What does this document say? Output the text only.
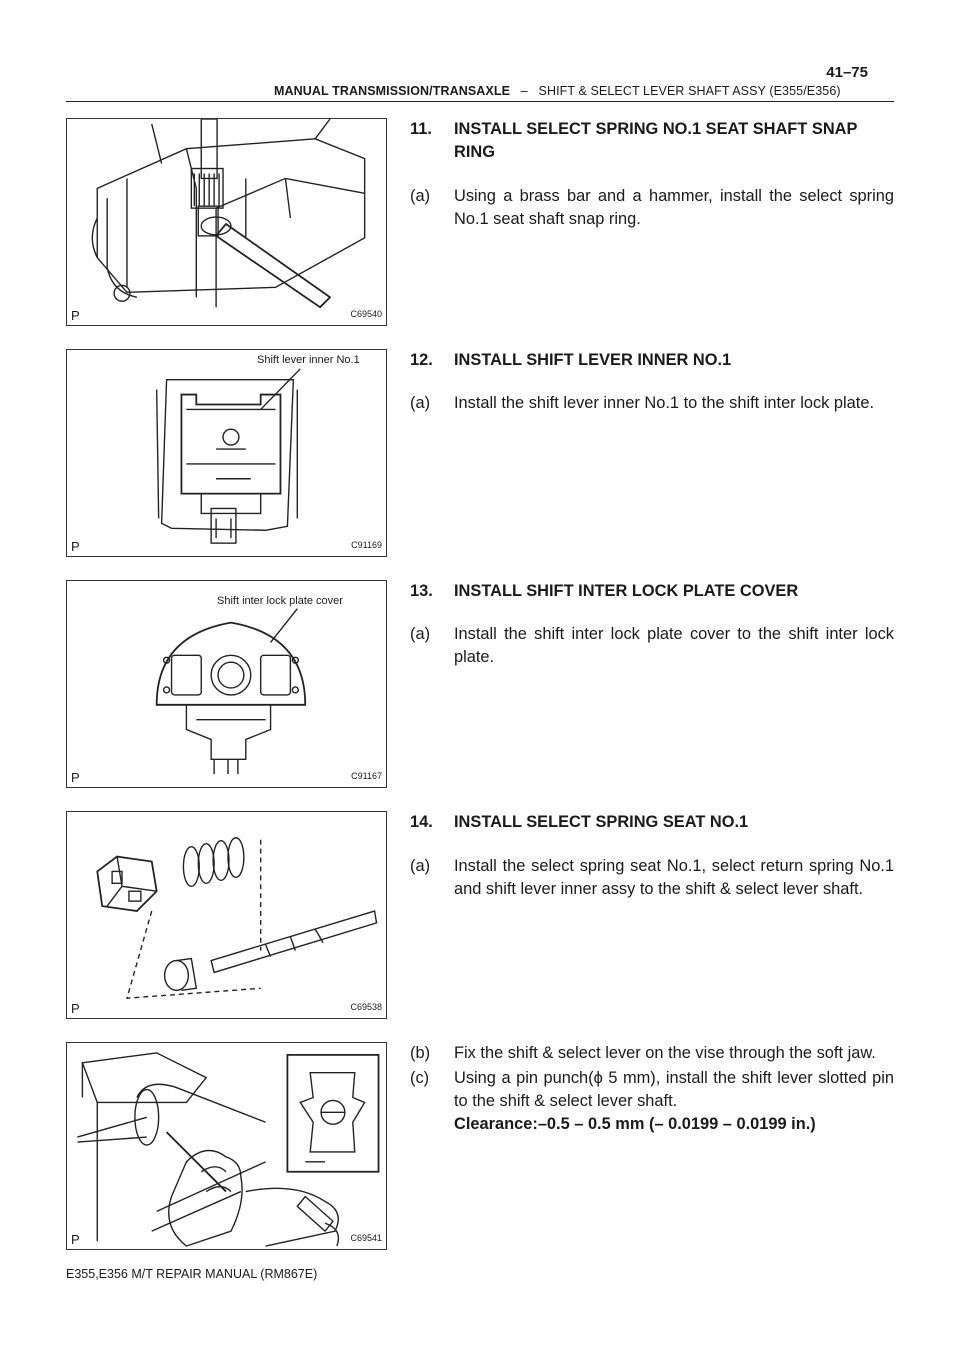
MANUAL TRANSMISSION/TRANSAXLE – SHIFT & SELECT LEVER SHAFT ASSY (E355/E356)
41–75
P	C69540
Shift lever inner No.1
P	C91169
Shift inter lock plate cover
P	C91167
P	C69538
P	C69541
11. INSTALL SELECT SPRING NO.1 SEAT SHAFT SNAP RING
(a) Using a brass bar and a hammer, install the select spring No.1 seat shaft snap ring.
12. INSTALL SHIFT LEVER INNER NO.1
(a) Install the shift lever inner No.1 to the shift inter lock plate.
13. INSTALL SHIFT INTER LOCK PLATE COVER
(a) Install the shift inter lock plate cover to the shift inter lock plate.
14. INSTALL SELECT SPRING SEAT NO.1
(a) Install the select spring seat No.1, select return spring No.1 and shift lever inner assy to the shift & select lever shaft.
(b) Fix the shift & select lever on the vise through the soft jaw.
(c) Using a pin punch(ϕ 5 mm), install the shift lever slotted pin to the shift & select lever shaft.
Clearance:–0.5 – 0.5 mm (– 0.0199 – 0.0199 in.)
E355,E356 M/T REPAIR MANUAL (RM867E)
